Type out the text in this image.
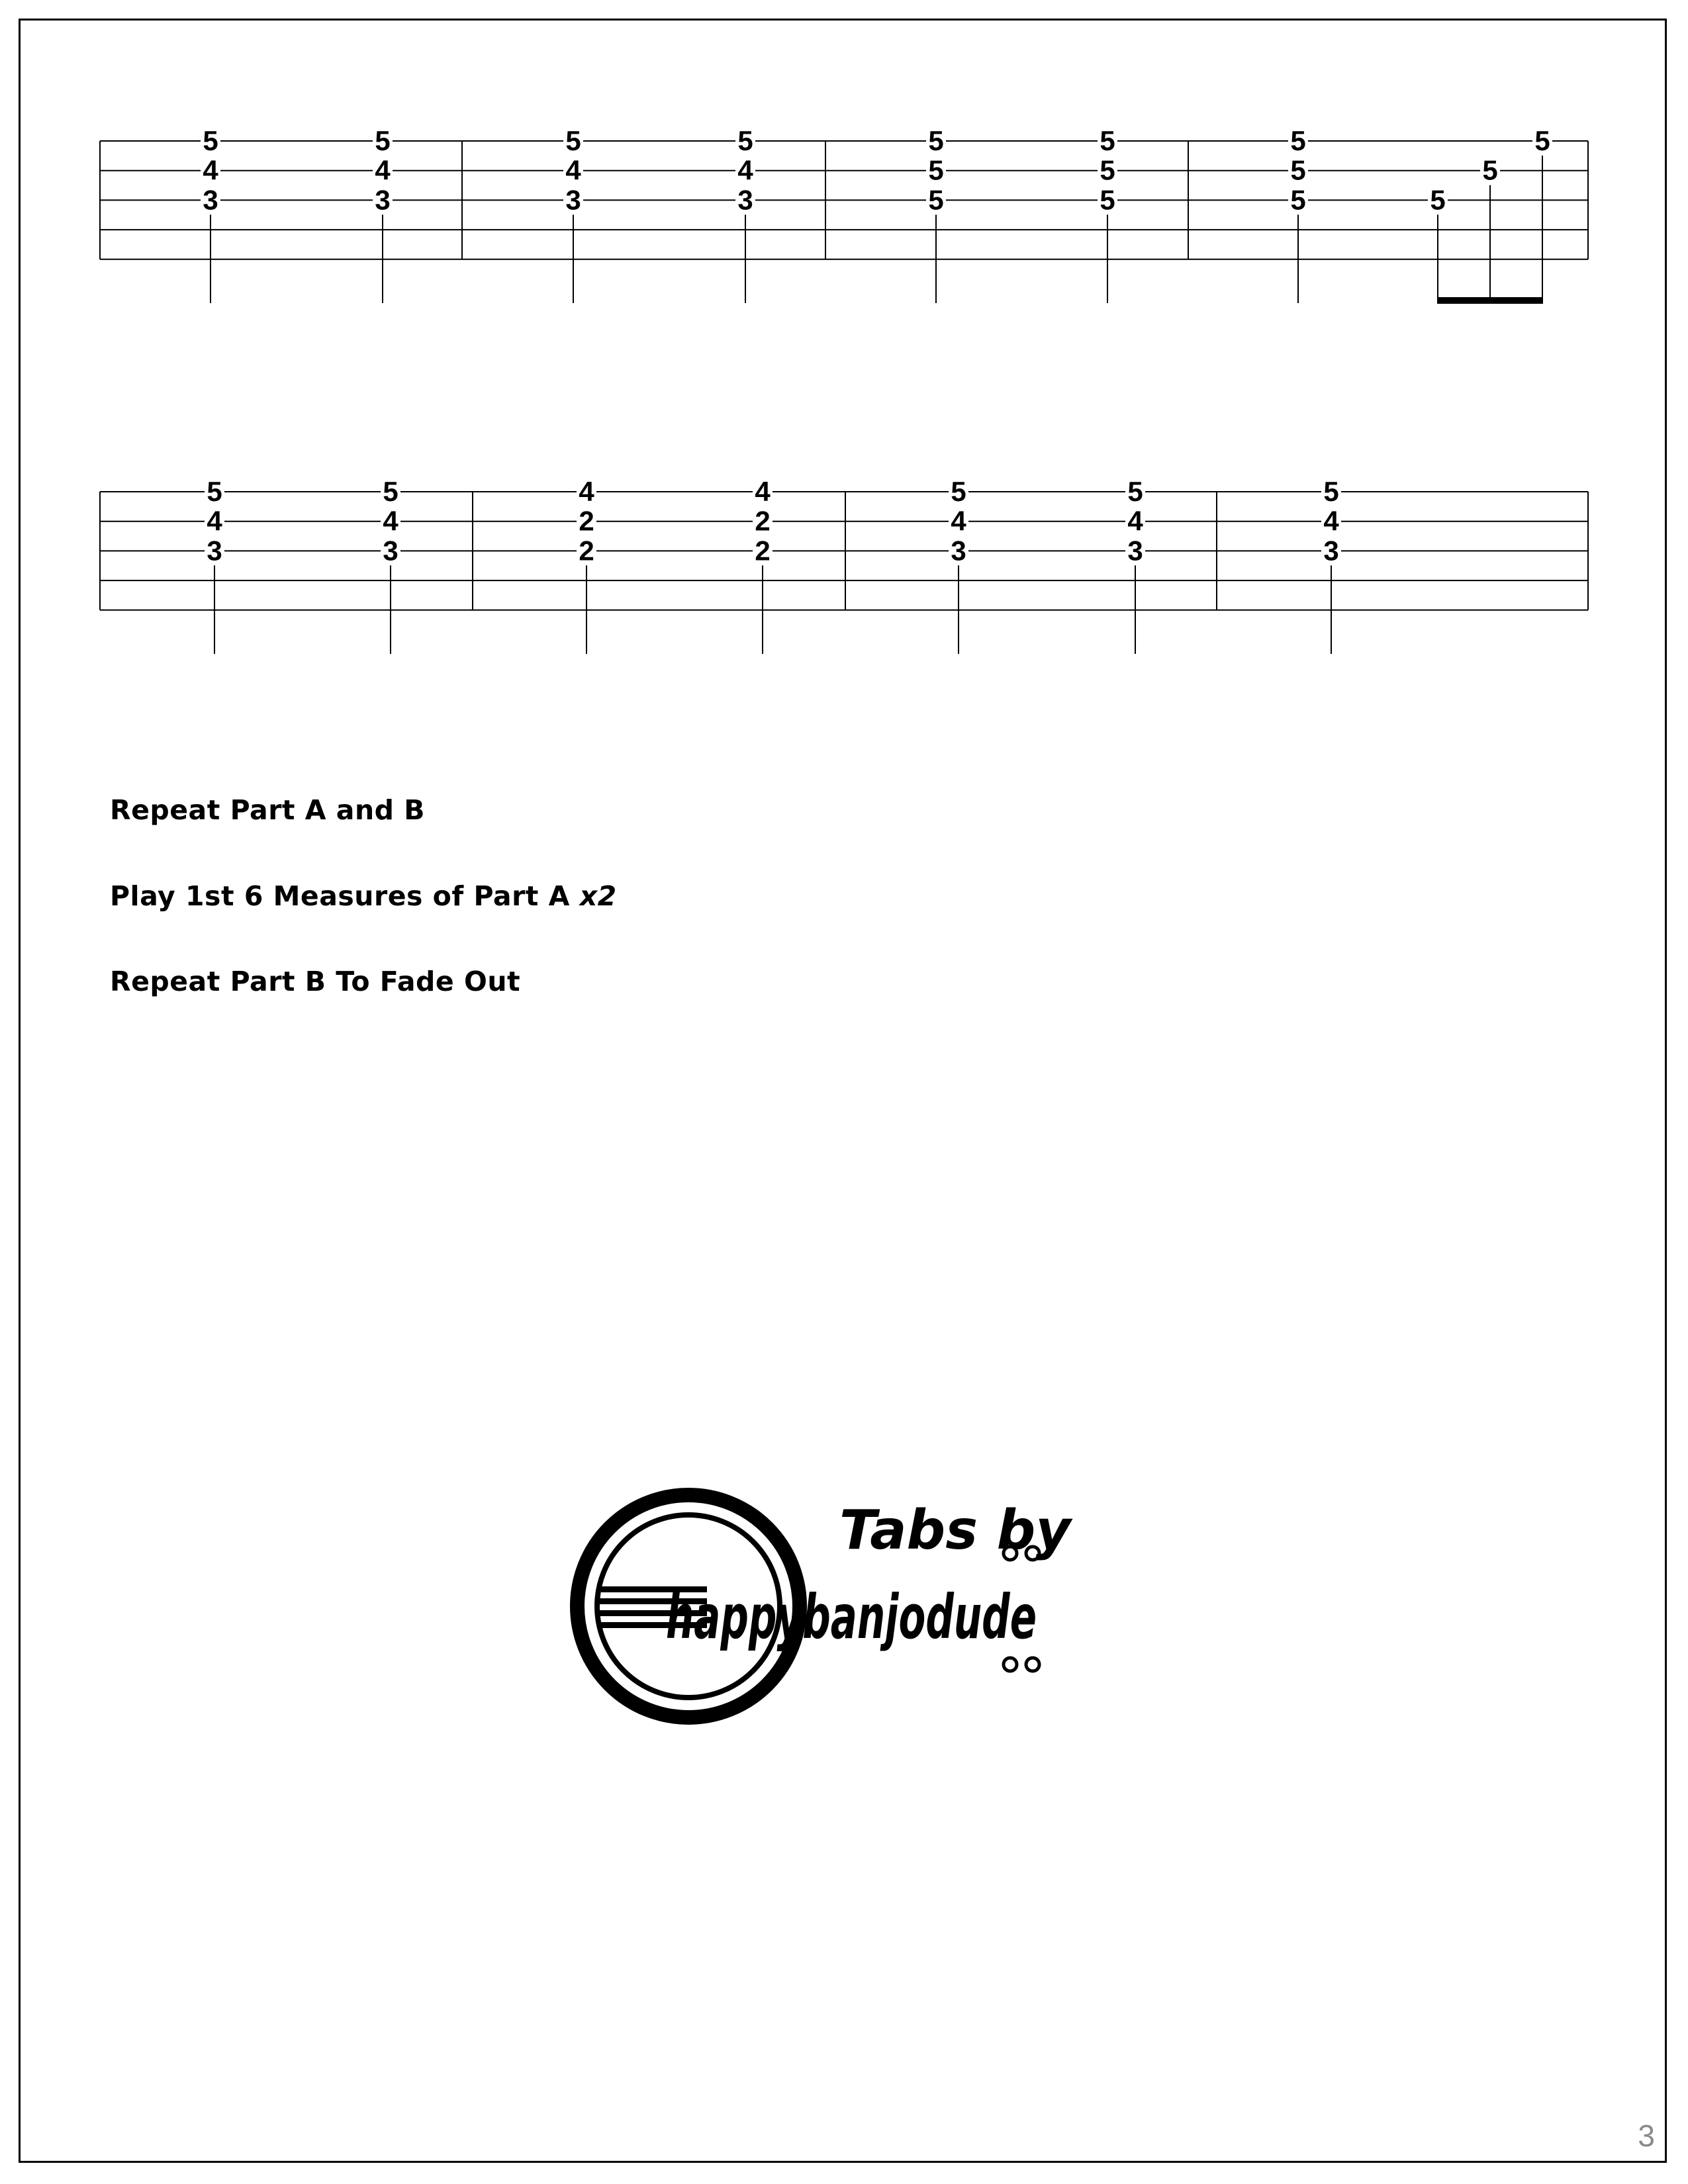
5
4
3
5
4
3
5
4
3
5
4
3
5
5
5
5
5
5
5
5
5	5
5
5
5
4
3
5
4
3
4
2
2
4
2
2
5
4
3
5
4
3
5
4
3
Repeat Part A and B
Play 1st 6 Measures of Part A x2
Repeat Part B To Fade Out
Tabs by
happybanjodude
3
